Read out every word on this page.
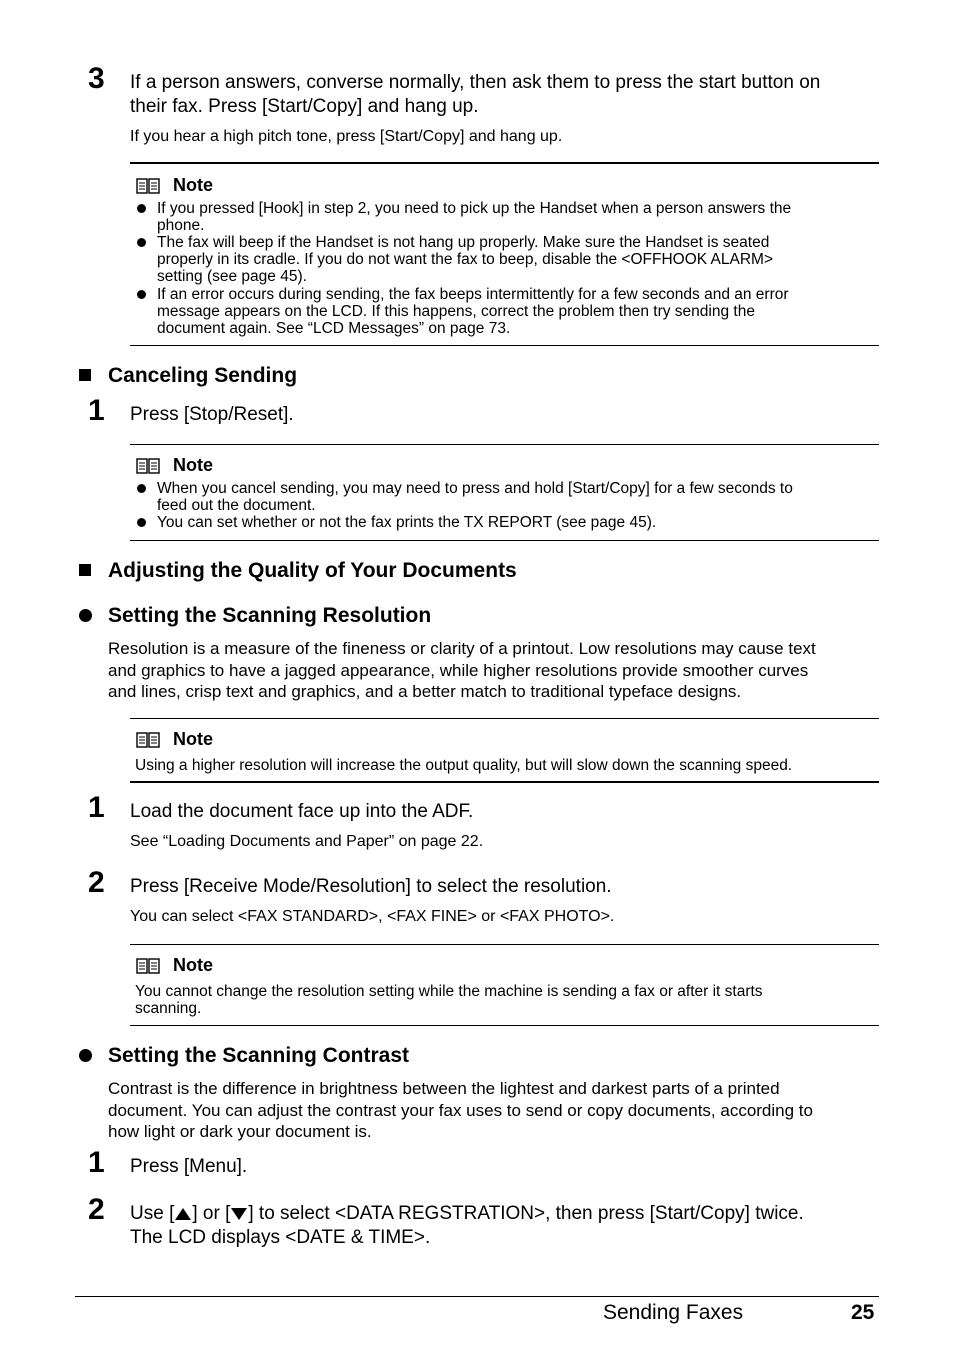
3 If a person answers, converse normally, then ask them to press the start button on
their fax. Press [Start/Copy] and hang up.
If you hear a high pitch tone, press [Start/Copy] and hang up.
Note
If you pressed [Hook] in step 2, you need to pick up the Handset when a person answers the
phone.
The fax will beep if the Handset is not hang up properly. Make sure the Handset is seated
properly in its cradle. If you do not want the fax to beep, disable the <OFFHOOK ALARM>
setting (see page 45).
If an error occurs during sending, the fax beeps intermittently for a few seconds and an error
message appears on the LCD. If this happens, correct the problem then try sending the
document again. See “LCD Messages” on page 73.
Canceling Sending
1 Press [Stop/Reset].
Note
When you cancel sending, you may need to press and hold [Start/Copy] for a few seconds to
feed out the document.
You can set whether or not the fax prints the TX REPORT (see page 45).
Adjusting the Quality of Your Documents
Setting the Scanning Resolution
Resolution is a measure of the fineness or clarity of a printout. Low resolutions may cause text
and graphics to have a jagged appearance, while higher resolutions provide smoother curves
and lines, crisp text and graphics, and a better match to traditional typeface designs.
Note
Using a higher resolution will increase the output quality, but will slow down the scanning speed.
1 Load the document face up into the ADF.
See “Loading Documents and Paper” on page 22.
2 Press [Receive Mode/Resolution] to select the resolution.
You can select <FAX STANDARD>, <FAX FINE> or <FAX PHOTO>.
Note
You cannot change the resolution setting while the machine is sending a fax or after it starts
scanning.
Setting the Scanning Contrast
Contrast is the difference in brightness between the lightest and darkest parts of a printed
document. You can adjust the contrast your fax uses to send or copy documents, according to
how light or dark your document is.
1 Press [Menu].
2 Use [ ] or [ ] to select <DATA REGSTRATION>, then press [Start/Copy] twice.
The LCD displays <DATE & TIME>.
Sending Faxes	25
